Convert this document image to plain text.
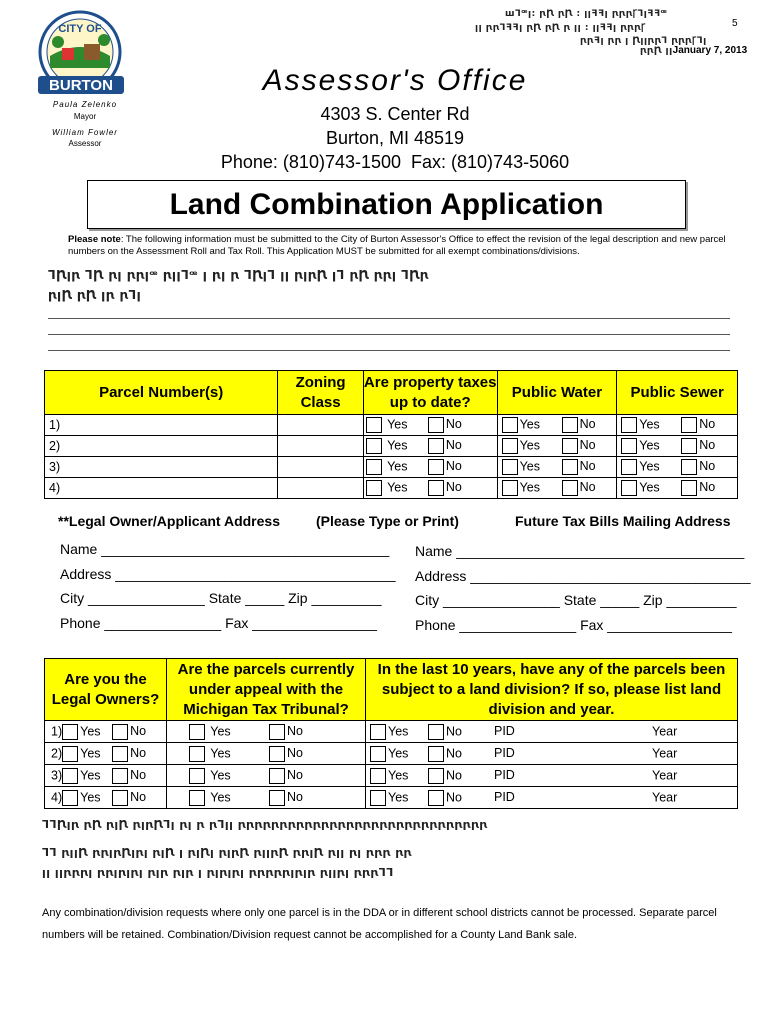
ꟺꞀꟹꞁ꞉ ꞃꞂ ꞃꞂ ꞉ ꞁꞁꟻꟻꞁ ꞃꞃꞃꞄꞀꞁꟻꟻꟹ
ꞁꞁ ꞃꞃꞀꟻꟻꞁ ꞃꞂ ꞃꞂ ꞃ ꞁꞁ ꞉ ꞁꞁꟻꟻꞁ ꞃꞃꞃꞄ	5
ꞃꞃꟻꞁ ꞃꞃ ꞁ ꞂꞁꞁꞃꞃꞀ ꞃꞃꞃꞄꞀꞁ
ꞃꞃꞂ ꞁꞁJanuary 7, 2013
CITY OF
BURTON
Paula Zelenko
Mayor
William Fowler
Assessor
Assessor's Office
4303 S. Center Rd
Burton, MI 48519
Phone: (810)743-1500  Fax: (810)743-5060
Land Combination Application
Please note: The following information must be submitted to the City of Burton Assessor's Office to effect the revision of the legal description and new parcel numbers on the Assessment Roll and Tax Roll. This Application MUST be submitted for all exempt combinations/divisions.
ꞀꞂꞁꞃ ꞀꞂ ꞃꞁ ꞃꞃꞁꟹ ꞃꞁꞁꞀꟹ ꞁ ꞃꞁ ꞃ ꞀꞂꞁꞀ ꞁꞁ ꞃꞁꞃꞂ ꞁꞀ ꞃꞂ ꞃꞃꞁ ꞀꞂꞃ
ꞃꞁꞂ ꞃꞂ ꞁꞃ ꞃꞀꞁ
Parcel Number(s)	Zoning Class	Are property taxes up to date?	Public Water	Public Sewer
1)		Yes No	Yes No	Yes No
2)		Yes No	Yes No	Yes No
3)		Yes No	Yes No	Yes No
4)		Yes No	Yes No	Yes No
**Legal Owner/Applicant Address	(Please Type or Print)	Future Tax Bills Mailing Address
Name _____________________________________
Address ____________________________________
City _______________ State _____ Zip _________
Phone _______________ Fax ________________
Name _____________________________________
Address ____________________________________
City _______________ State _____ Zip _________
Phone _______________ Fax ________________
Are you the Legal Owners?	Are the parcels currently under appeal with the Michigan Tax Tribunal?	In the last 10 years, have any of the parcels been subject to a land division? If so, please list land division and year.
1) Yes No	Yes No	Yes No PID Year
2) Yes No	Yes No	Yes No PID Year
3) Yes No	Yes No	Yes No PID Year
4) Yes No	Yes No	Yes No PID Year
ꞀꞀꞂꞁꞃ ꞃꞂ ꞃꞁꞂ ꞃꞁꞃꞂꞀꞁ ꞃꞁ ꞃ ꞃꞀꞁꞁ ꞃꞃꞃꞃꞃꞃꞃꞃꞃꞃꞃꞃꞃꞃꞃꞃꞃꞃꞃꞃꞃꞃꞃꞃꞃꞃꞃꞃꞃꞃ
ꞀꞀ ꞃꞁꞁꞂ ꞃꞃꞁꞃꞂꞁꞃꞁ ꞃꞁꞂ ꞁ ꞃꞁꞂꞁ ꞃꞁꞃꞂ ꞃꞁꞁꞃꞂ ꞃꞃꞁꞂ ꞃꞁꞁ ꞃꞁ ꞃꞃꞃ ꞃꞃ
ꞁꞁ ꞁꞁꞃꞃꞃꞁ ꞃꞃꞁꞃꞁꞃꞁ ꞃꞁꞃ ꞃꞁꞃ ꞁ ꞃꞁꞃꞁꞃꞁ ꞃꞃꞃꞃꞃꞁꞃꞁꞃ ꞃꞁꞁꞃꞁ ꞃꞃꞃꞀꞀ
Any combination/division requests where only one parcel is in the DDA or in different school districts cannot be processed. Separate parcel numbers will be retained. Combination/Division request cannot be accomplished for a County Land Bank sale.
